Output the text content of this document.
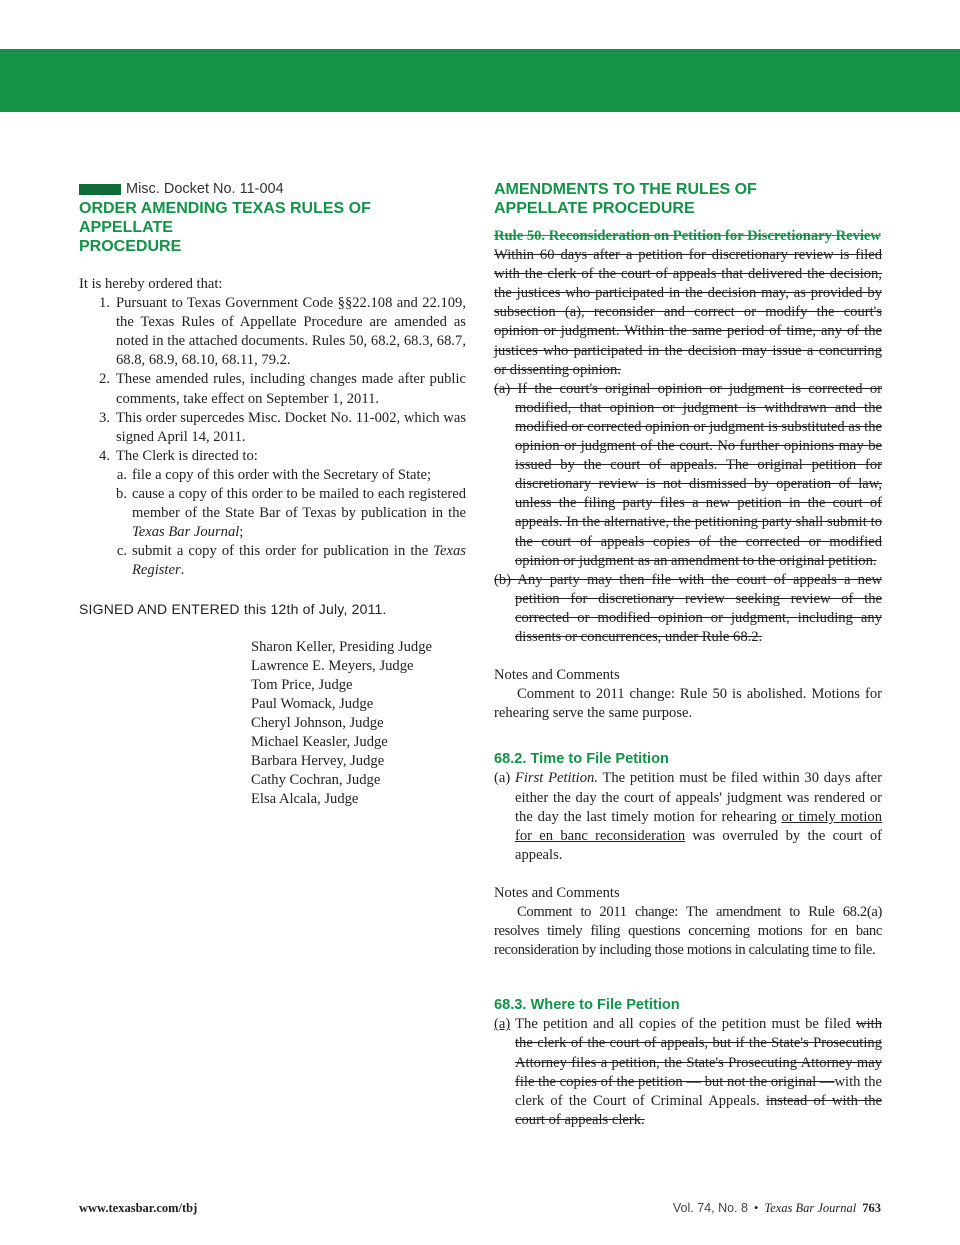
Misc. Docket No. 11-004

ORDER AMENDING TEXAS RULES OF APPELLATE

PROCEDURE

It is hereby ordered that:

1. Pursuant to Texas Government Code §§22.108 and 22.109, the Texas Rules of Appellate Procedure are amended as noted in the attached documents. Rules 50, 68.2, 68.3, 68.7, 68.8, 68.9, 68.10, 68.11, 79.2.
2. These amended rules, including changes made after public comments, take effect on September 1, 2011.
3. This order supercedes Misc. Docket No. 11-002, which was signed April 14, 2011.
4. The Clerk is directed to:
a. file a copy of this order with the Secretary of State;
b. cause a copy of this order to be mailed to each registered member of the State Bar of Texas by publication in the Texas Bar Journal;
c. submit a copy of this order for publication in the Texas Register.

SIGNED AND ENTERED this 12th of July, 2011.

Sharon Keller, Presiding Judge

Lawrence E. Meyers, Judge

Tom Price, Judge

Paul Womack, Judge

Cheryl Johnson, Judge

Michael Keasler, Judge

Barbara Hervey, Judge

Cathy Cochran, Judge

Elsa Alcala, Judge

AMENDMENTS TO THE RULES OF

APPELLATE PROCEDURE

Rule 50. Reconsideration on Petition for Discretionary Review

Within 60 days after a petition for discretionary review is filed with the clerk of the court of appeals that delivered the decision, the justices who participated in the decision may, as provided by subsection (a), reconsider and correct or modify the court's opinion or judgment. Within the same period of time, any of the justices who participated in the decision may issue a concurring or dissenting opinion.

(a) If the court's original opinion or judgment is corrected or modified, that opinion or judgment is withdrawn and the modified or corrected opinion or judgment is substituted as the opinion or judgment of the court. No further opinions may be issued by the court of appeals. The original petition for discretionary review is not dismissed by operation of law, unless the filing party files a new petition in the court of appeals. In the alternative, the petitioning party shall submit to the court of appeals copies of the corrected or modified opinion or judgment as an amendment to the original petition.

(b) Any party may then file with the court of appeals a new petition for discretionary review seeking review of the corrected or modified opinion or judgment, including any dissents or concurrences, under Rule 68.2.

Notes and Comments

Comment to 2011 change: Rule 50 is abolished. Motions for rehearing serve the same purpose.

68.2. Time to File Petition

(a) First Petition. The petition must be filed within 30 days after either the day the court of appeals' judgment was rendered or the day the last timely motion for rehearing or timely motion for en banc reconsideration was overruled by the court of appeals.

Notes and Comments

Comment to 2011 change: The amendment to Rule 68.2(a) resolves timely filing questions concerning motions for en banc reconsideration by including those motions in calculating time to file.

68.3. Where to File Petition

(a) The petition and all copies of the petition must be filed with the clerk of the court of appeals, but if the State's Prosecuting Attorney files a petition, the State's Prosecuting Attorney may file the copies of the petition — but not the original —with the clerk of the Court of Criminal Appeals. instead of with the court of appeals clerk.

www.texasbar.com/tbj	Vol. 74, No. 8 • Texas Bar Journal 763
